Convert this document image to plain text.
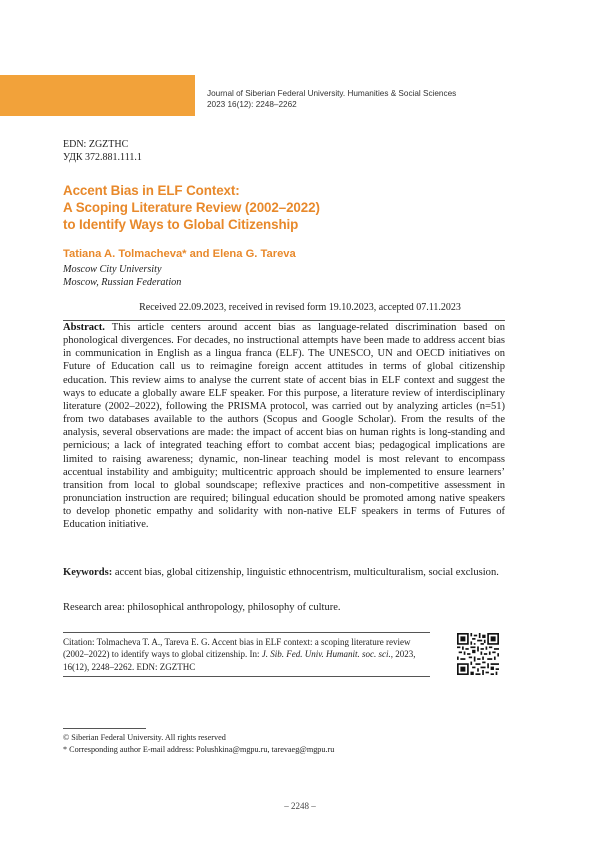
Journal of Siberian Federal University. Humanities & Social Sciences
2023 16(12): 2248–2262
EDN: ZGZTHC
УДК 372.881.111.1
Accent Bias in ELF Context:
A Scoping Literature Review (2002–2022)
to Identify Ways to Global Citizenship
Tatiana A. Tolmacheva* and Elena G. Tareva
Moscow City University
Moscow, Russian Federation
Received 22.09.2023, received in revised form 19.10.2023, accepted 07.11.2023
Abstract. This article centers around accent bias as language-related discrimination based on phonological divergences. For decades, no instructional attempts have been made to address accent bias in communication in English as a lingua franca (ELF). The UNESCO, UN and OECD initiatives on Future of Education call us to reimagine foreign accent attitudes in terms of global citizenship education. This review aims to analyse the current state of accent bias in ELF context and suggest the ways to educate a globally aware ELF speaker. For this purpose, a literature review of interdisciplinary literature (2002–2022), following the PRISMA protocol, was carried out by analyzing articles (n=51) from two databases available to the authors (Scopus and Google Scholar). From the results of the analysis, several observations are made: the impact of accent bias on human rights is long-standing and pernicious; a lack of integrated teaching effort to combat accent bias; pedagogical implications are limited to raising awareness; dynamic, non-linear teaching model is most relevant to encompass accentual instability and ambiguity; multicentric approach should be implemented to ensure learners’ transition from local to global soundscape; reflexive practices and non-competitive assessment in pronunciation instruction are required; bilingual education should be promoted among native speakers to develop phonetic empathy and solidarity with non-native ELF speakers in terms of Futures of Education initiative.
Keywords: accent bias, global citizenship, linguistic ethnocentrism, multiculturalism, social exclusion.
Research area: philosophical anthropology, philosophy of culture.
Citation: Tolmacheva T. A., Tareva E. G. Accent bias in ELF context: a scoping literature review (2002–2022) to identify ways to global citizenship. In: J. Sib. Fed. Univ. Humanit. soc. sci., 2023, 16(12), 2248–2262. EDN: ZGZTHC
© Siberian Federal University. All rights reserved
* Corresponding author E-mail address: Polushkina@mgpu.ru, tarevaeg@mgpu.ru
– 2248 –
